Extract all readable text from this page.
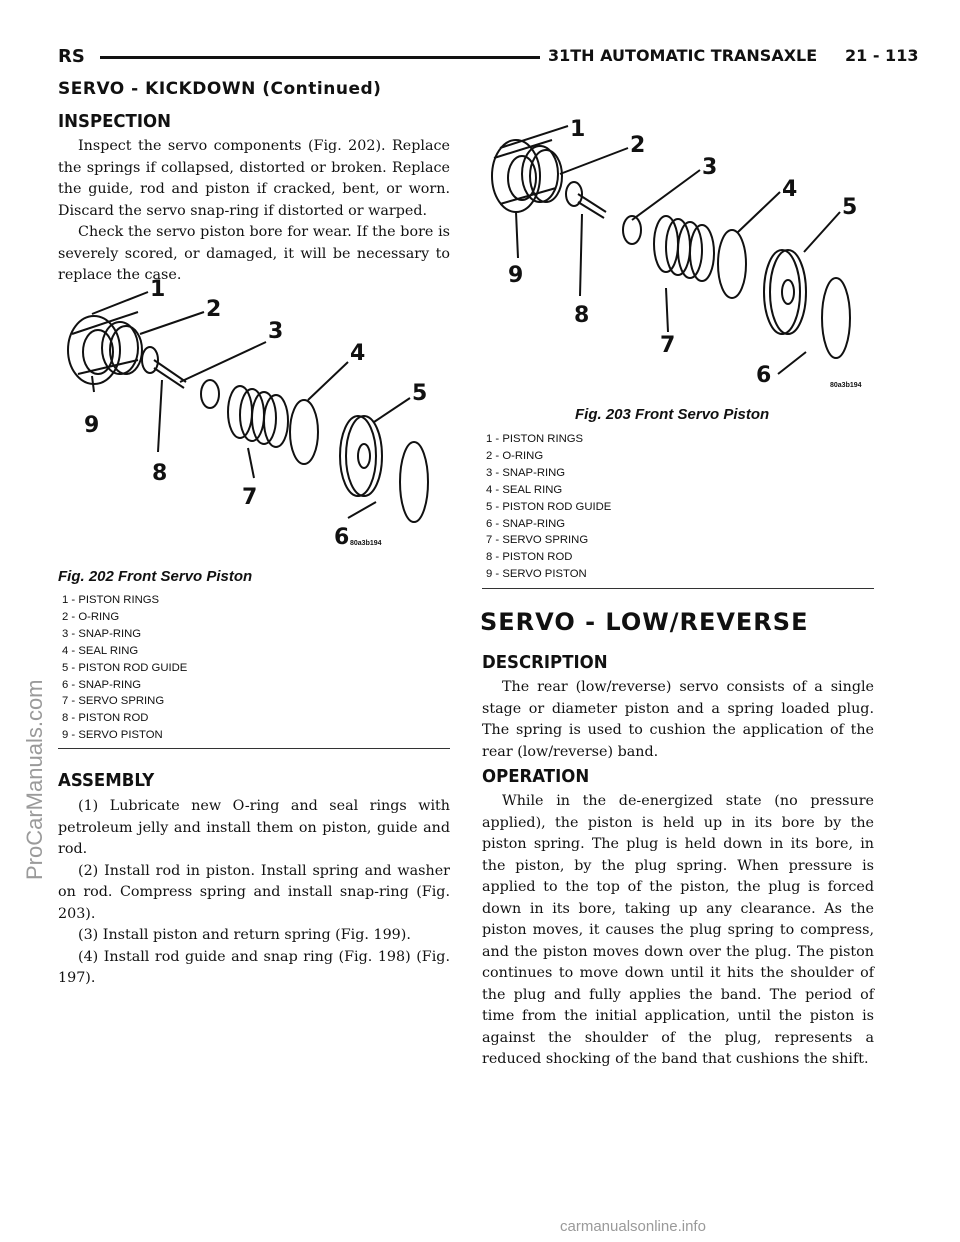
RS	31TH AUTOMATIC TRANSAXLE     21 - 113
SERVO - KICKDOWN (Continued)
INSPECTION

Inspect the servo components (Fig. 202). Replace the springs if collapsed, distorted or broken. Replace the guide, rod and piston if cracked, bent, or worn. Discard the servo snap-ring if distorted or warped.

Check the servo piston bore for wear. If the bore is severely scored, or damaged, it will be necessary to replace the case.

1
2
3
4
5
6
7
8
9
80a3b194
Fig. 202 Front Servo Piston
1 - PISTON RINGS
2 - O-RING
3 - SNAP-RING
4 - SEAL RING
5 - PISTON ROD GUIDE
6 - SNAP-RING
7 - SERVO SPRING
8 - PISTON ROD
9 - SERVO PISTON
ASSEMBLY

(1) Lubricate new O-ring and seal rings with petroleum jelly and install them on piston, guide and rod.

(2) Install rod in piston. Install spring and washer on rod. Compress spring and install snap-ring (Fig. 203).

(3) Install piston and return spring (Fig. 199).

(4) Install rod guide and snap ring (Fig. 198) (Fig. 197).

1
2
3
4
5
6
7
8
9
80a3b194
Fig. 203 Front Servo Piston
1 - PISTON RINGS
2 - O-RING
3 - SNAP-RING
4 - SEAL RING
5 - PISTON ROD GUIDE
6 - SNAP-RING
7 - SERVO SPRING
8 - PISTON ROD
9 - SERVO PISTON
SERVO - LOW/REVERSE
DESCRIPTION

The rear (low/reverse) servo consists of a single stage or diameter piston and a spring loaded plug. The spring is used to cushion the application of the rear (low/reverse) band.

OPERATION

While in the de-energized state (no pressure applied), the piston is held up in its bore by the piston spring. The plug is held down in its bore, in the piston, by the plug spring. When pressure is applied to the top of the piston, the plug is forced down in its bore, taking up any clearance. As the piston moves, it causes the plug spring to compress, and the piston moves down over the plug. The piston continues to move down until it hits the shoulder of the plug and fully applies the band. The period of time from the initial application, until the piston is against the shoulder of the plug, represents a reduced shocking of the band that cushions the shift.

ProCarManuals.com
carmanualsonline.info
